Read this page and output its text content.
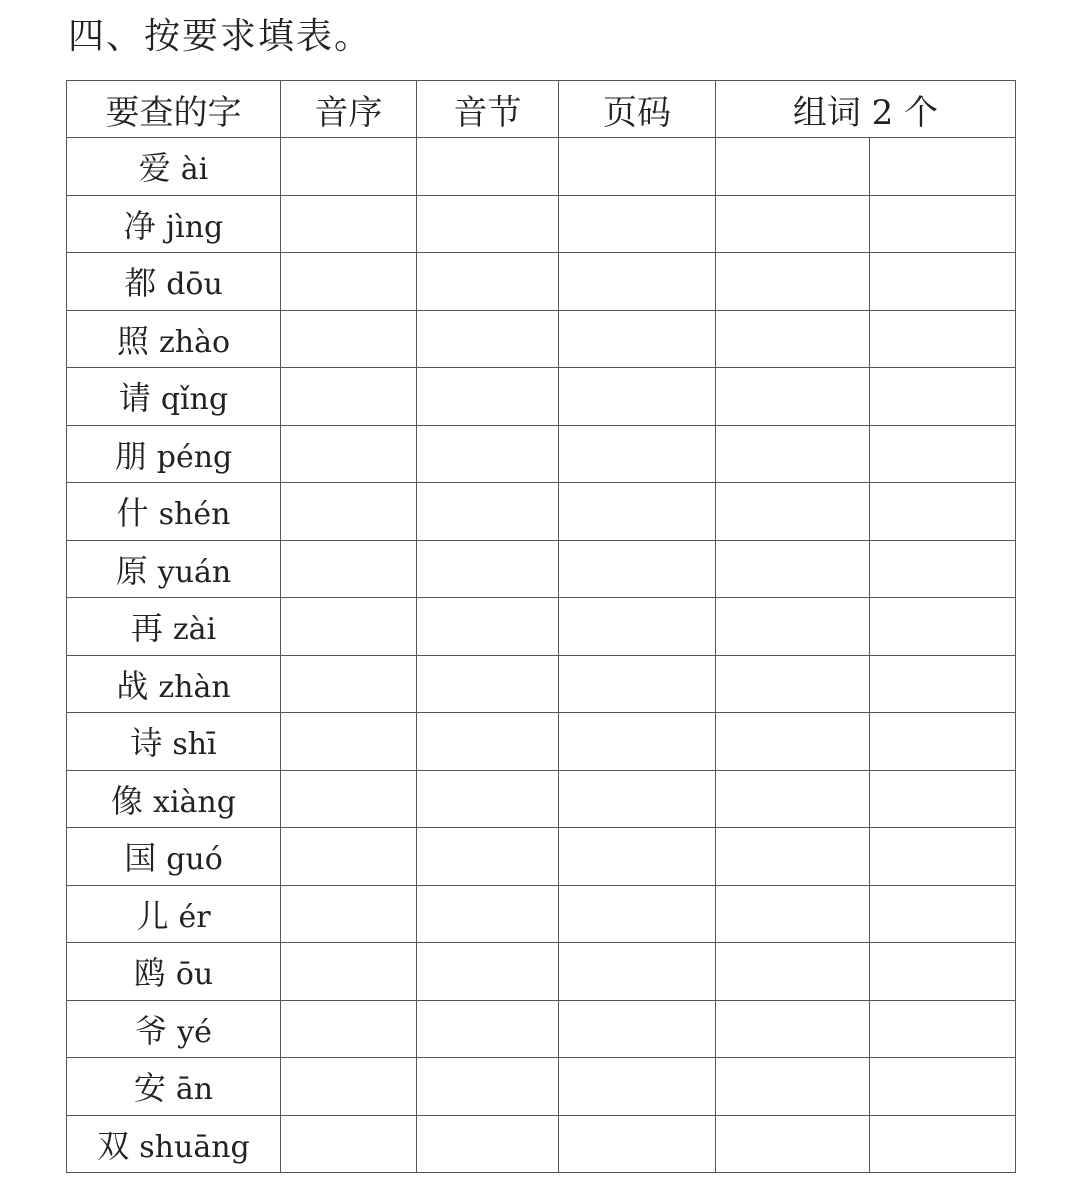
四、按要求填表。
要查的字	音序	音节	页码	组词 2 个	
爱 ài					
净 jìng					
都 dōu					
照 zhào					
请 qǐng					
朋 péng					
什 shén					
原 yuán					
再 zài					
战 zhàn					
诗 shī					
像 xiàng					
国 guó					
儿 ér					
鸥 ōu					
爷 yé					
安 ān					
双 shuāng					
